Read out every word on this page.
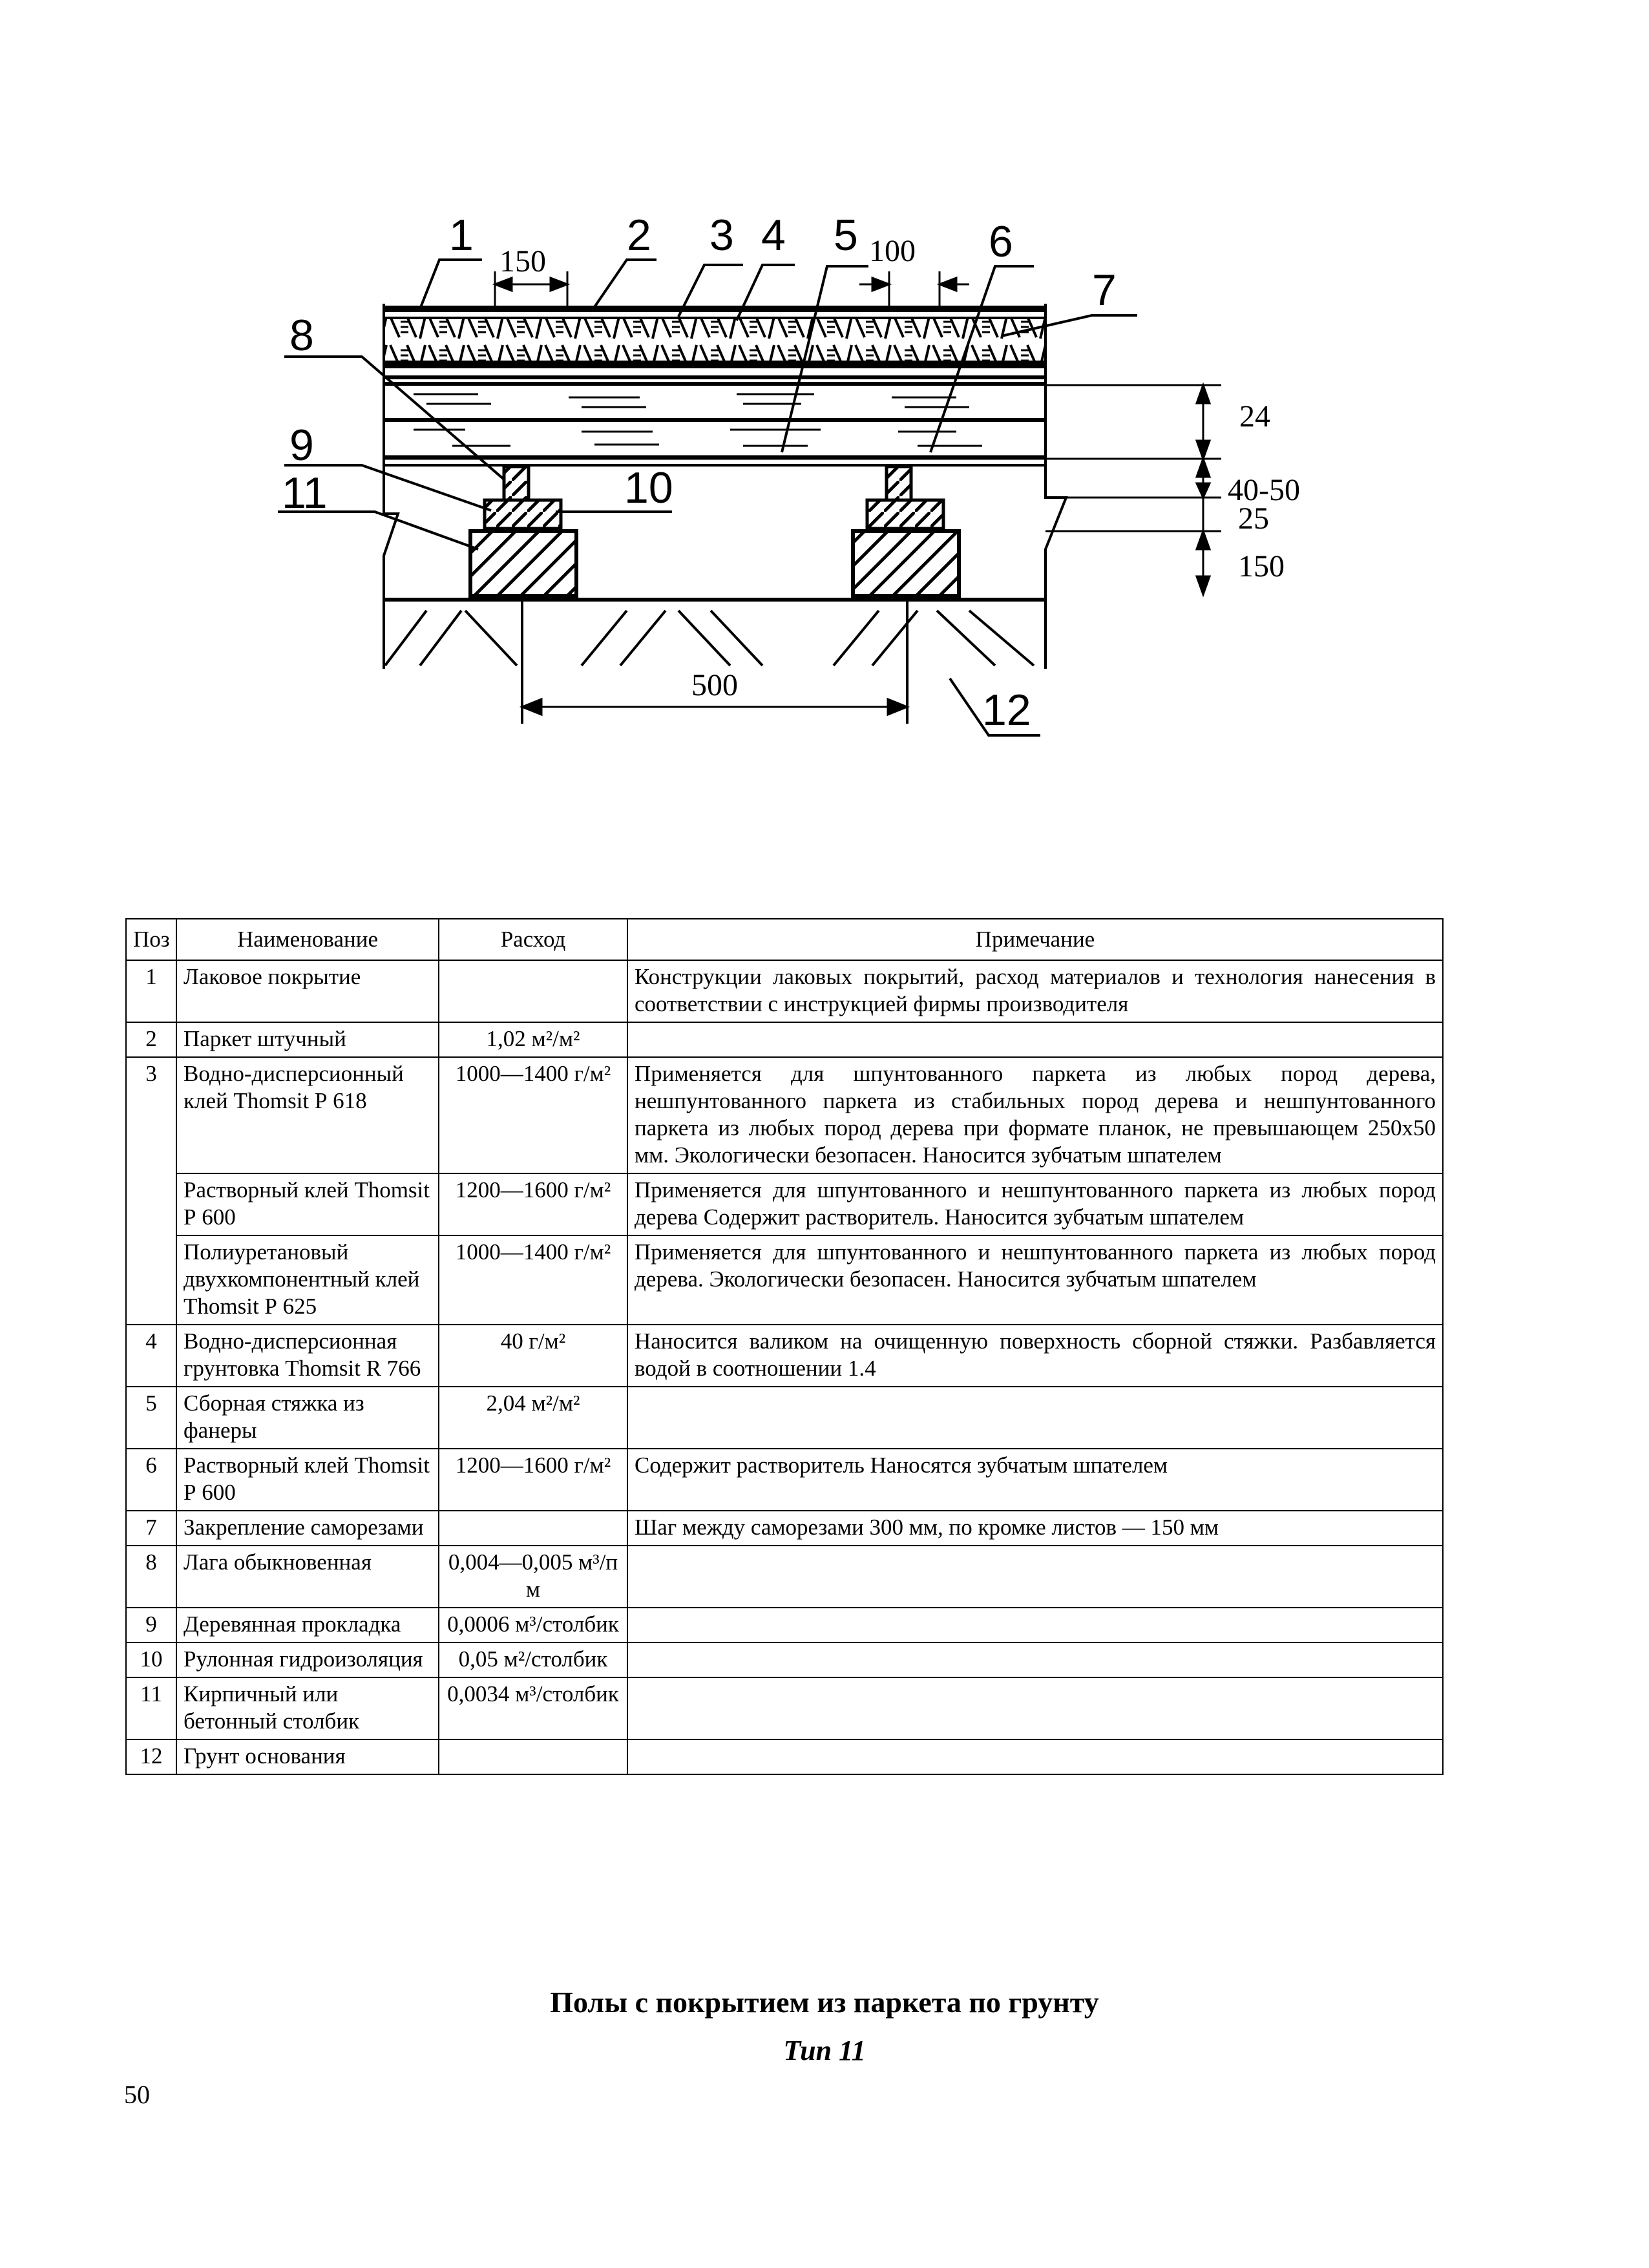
150	100
500
24
40-50
25
150
1	2 3 4 5	6
7
8
9
10
11
12
Поз	Наименование	Расход	Примечание
1	Лаковое покрытие		Конструкции лаковых покрытий, расход материалов и технология нанесения в соответствии с инструкцией фирмы производителя
2	Паркет штучный	1,02 м²/м²	
3	Водно-дисперсионный клей Thomsit Р 618	1000—1400 г/м²	Применяется для шпунтованного паркета из любых пород дерева, нешпунтованного паркета из стабильных пород дерева и нешпунтованного паркета из любых пород дерева при формате планок, не превышающем 250х50 мм. Экологически безопасен. Наносится зубчатым шпателем
	Растворный клей Thomsit Р 600	1200—1600 г/м²	Применяется для шпунтованного и нешпунтованного паркета из любых пород дерева Содержит растворитель. Наносится зубчатым шпателем
	Полиуретановый двухкомпонентный клей Thomsit Р 625	1000—1400 г/м²	Применяется для шпунтованного и нешпунтованного паркета из любых пород дерева. Экологически безопасен. Наносится зубчатым шпателем
4	Водно-дисперсионная грунтовка Thomsit R 766	40 г/м²	Наносится валиком на очищенную поверхность сборной стяжки. Разбавляется водой в соотношении 1.4
5	Сборная стяжка из фанеры	2,04 м²/м²	
6	Растворный клей Thomsit Р 600	1200—1600 г/м²	Содержит растворитель Наносятся зубчатым шпателем
7	Закрепление саморезами		Шаг между саморезами 300 мм, по кромке листов — 150 мм
8	Лага обыкновенная	0,004—0,005 м³/п м	
9	Деревянная прокладка	0,0006 м³/столбик	
10	Рулонная гидроизоляция	0,05 м²/столбик	
11	Кирпичный или бетонный столбик	0,0034 м³/столбик	
12	Грунт основания		
Полы с покрытием из паркета по грунту
Тип 11
50
